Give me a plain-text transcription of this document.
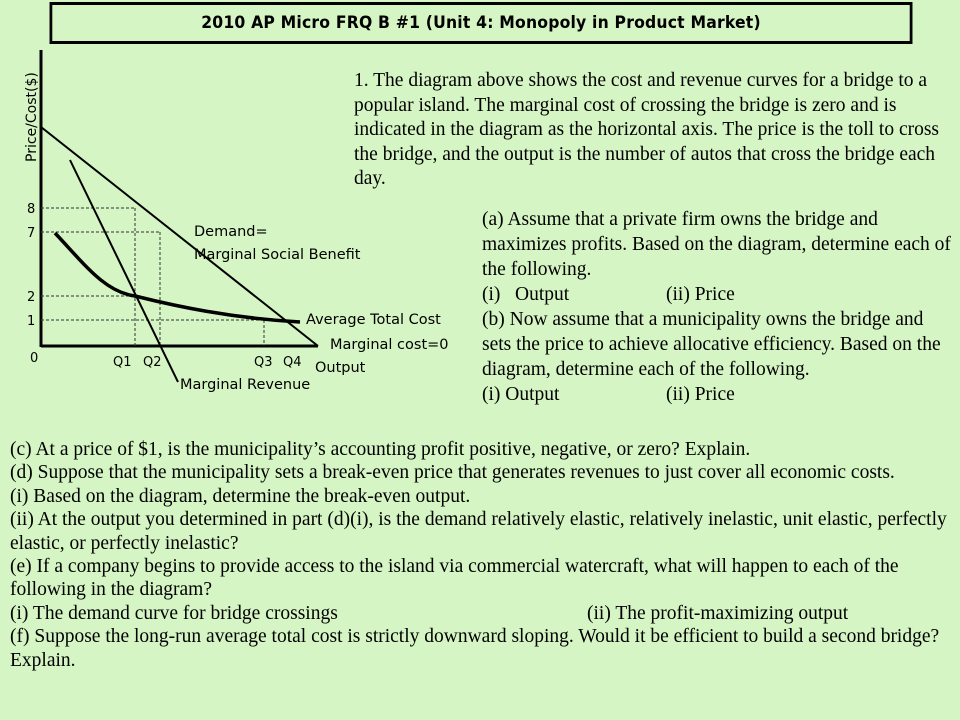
2010 AP Micro FRQ B #1 (Unit 4: Monopoly in Product Market)
Price/Cost($)
8
7
2
1
0	Q1 Q2	Q3 Q4
Demand=
Marginal Social Benefit
Average Total Cost
Marginal cost=0
Output
Marginal Revenue

1. The diagram above shows the cost and revenue curves for a bridge to a popular island. The marginal cost of crossing the bridge is zero and is indicated in the diagram as the horizontal axis. The price is the toll to cross the bridge, and the output is the number of autos that cross the bridge each day.

(a) Assume that a private firm owns the bridge and maximizes profits. Based on the diagram, determine each of the following.

(i)   Output	(ii) Price

(b) Now assume that a municipality owns the bridge and sets the price to achieve allocative efficiency. Based on the diagram, determine each of the following.

(i) Output	(ii) Price

(c) At a price of $1, is the municipality’s accounting profit positive, negative, or zero? Explain.

(d) Suppose that the municipality sets a break-even price that generates revenues to just cover all economic costs.

(i) Based on the diagram, determine the break-even output.

(ii) At the output you determined in part (d)(i), is the demand relatively elastic, relatively inelastic, unit elastic, perfectly elastic, or perfectly inelastic?

(e) If a company begins to provide access to the island via commercial watercraft, what will happen to each of the following in the diagram?

(i) The demand curve for bridge crossings	(ii) The profit-maximizing output

(f) Suppose the long-run average total cost is strictly downward sloping. Would it be efficient to build a second bridge? Explain.
